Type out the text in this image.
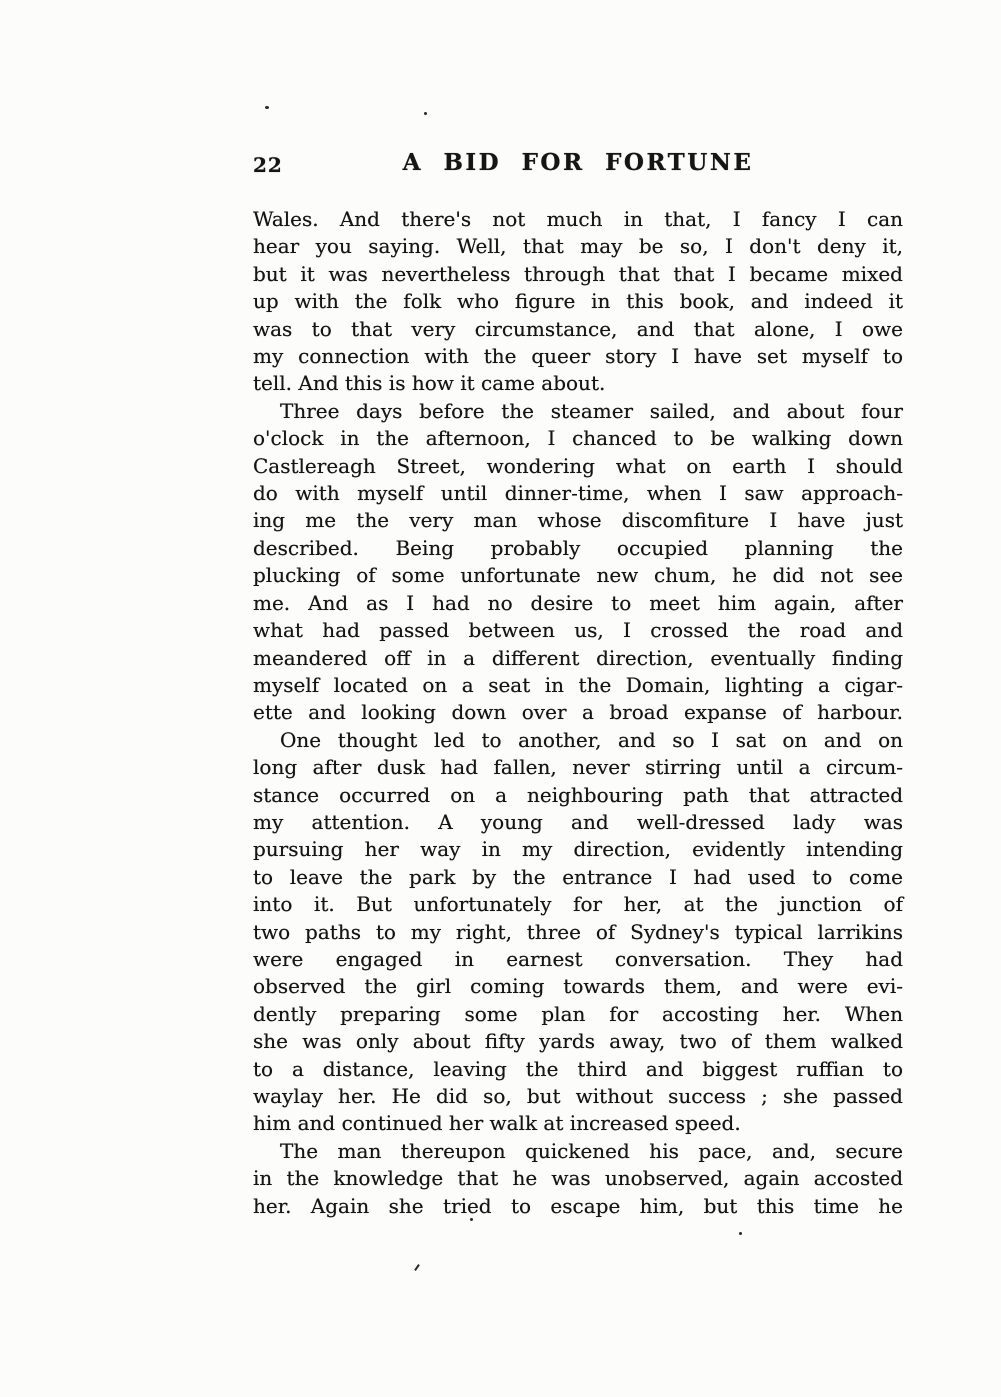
22	A BID FOR FORTUNE
Wales. And there's not much in that, I fancy I can
hear you saying. Well, that may be so, I don't deny it,
but it was nevertheless through that that I became mixed
up with the folk who figure in this book, and indeed it
was to that very circumstance, and that alone, I owe
my connection with the queer story I have set myself to
tell. And this is how it came about.
Three days before the steamer sailed, and about four
o'clock in the afternoon, I chanced to be walking down
Castlereagh Street, wondering what on earth I should
do with myself until dinner-time, when I saw approach-
ing me the very man whose discomfiture I have just
described. Being probably occupied planning the
plucking of some unfortunate new chum, he did not see
me. And as I had no desire to meet him again, after
what had passed between us, I crossed the road and
meandered off in a different direction, eventually finding
myself located on a seat in the Domain, lighting a cigar-
ette and looking down over a broad expanse of harbour.
One thought led to another, and so I sat on and on
long after dusk had fallen, never stirring until a circum-
stance occurred on a neighbouring path that attracted
my attention. A young and well-dressed lady was
pursuing her way in my direction, evidently intending
to leave the park by the entrance I had used to come
into it. But unfortunately for her, at the junction of
two paths to my right, three of Sydney's typical larrikins
were engaged in earnest conversation. They had
observed the girl coming towards them, and were evi-
dently preparing some plan for accosting her. When
she was only about fifty yards away, two of them walked
to a distance, leaving the third and biggest ruffian to
waylay her. He did so, but without success ; she passed
him and continued her walk at increased speed.
The man thereupon quickened his pace, and, secure
in the knowledge that he was unobserved, again accosted
her. Again she tried to escape him, but this time he
